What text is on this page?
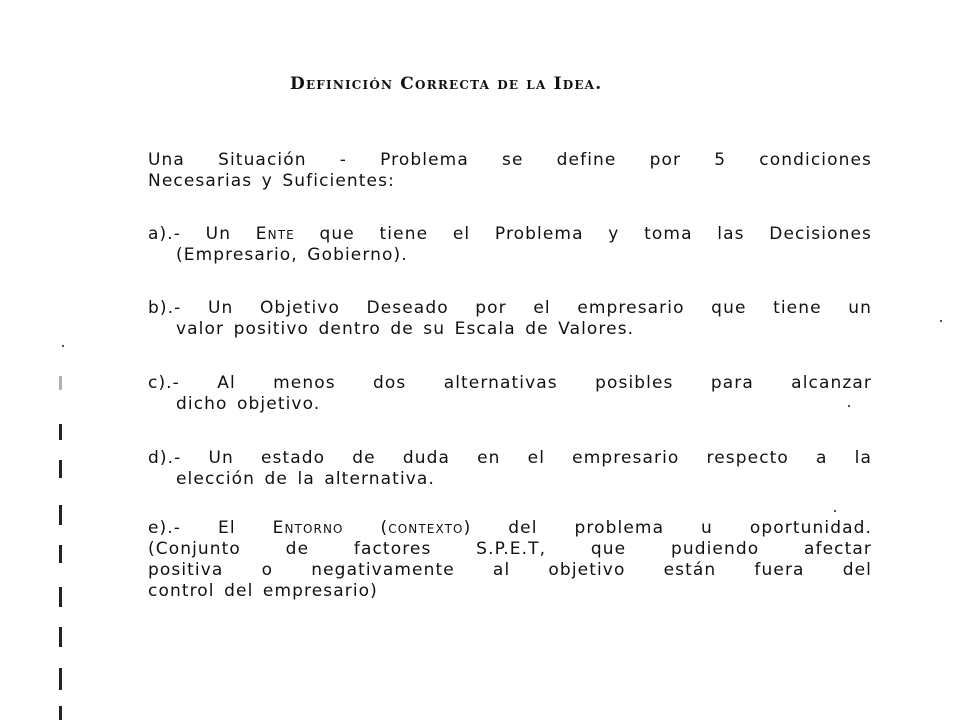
Definición Correcta de la Idea.
Una Situación - Problema se define por 5 condiciones
Necesarias y Suficientes:
a).- Un Ente que tiene el Problema y toma las Decisiones
(Empresario, Gobierno).
b).- Un Objetivo Deseado por el empresario que tiene un
valor positivo dentro de su Escala de Valores.
c).- Al menos dos alternativas posibles para alcanzar
dicho objetivo.
d).- Un estado de duda en el empresario respecto a la
elección de la alternativa.
e).- El Entorno (contexto) del problema u oportunidad.
(Conjunto de factores S.P.E.T, que pudiendo afectar
positiva o negativamente al objetivo están fuera del
control del empresario)
